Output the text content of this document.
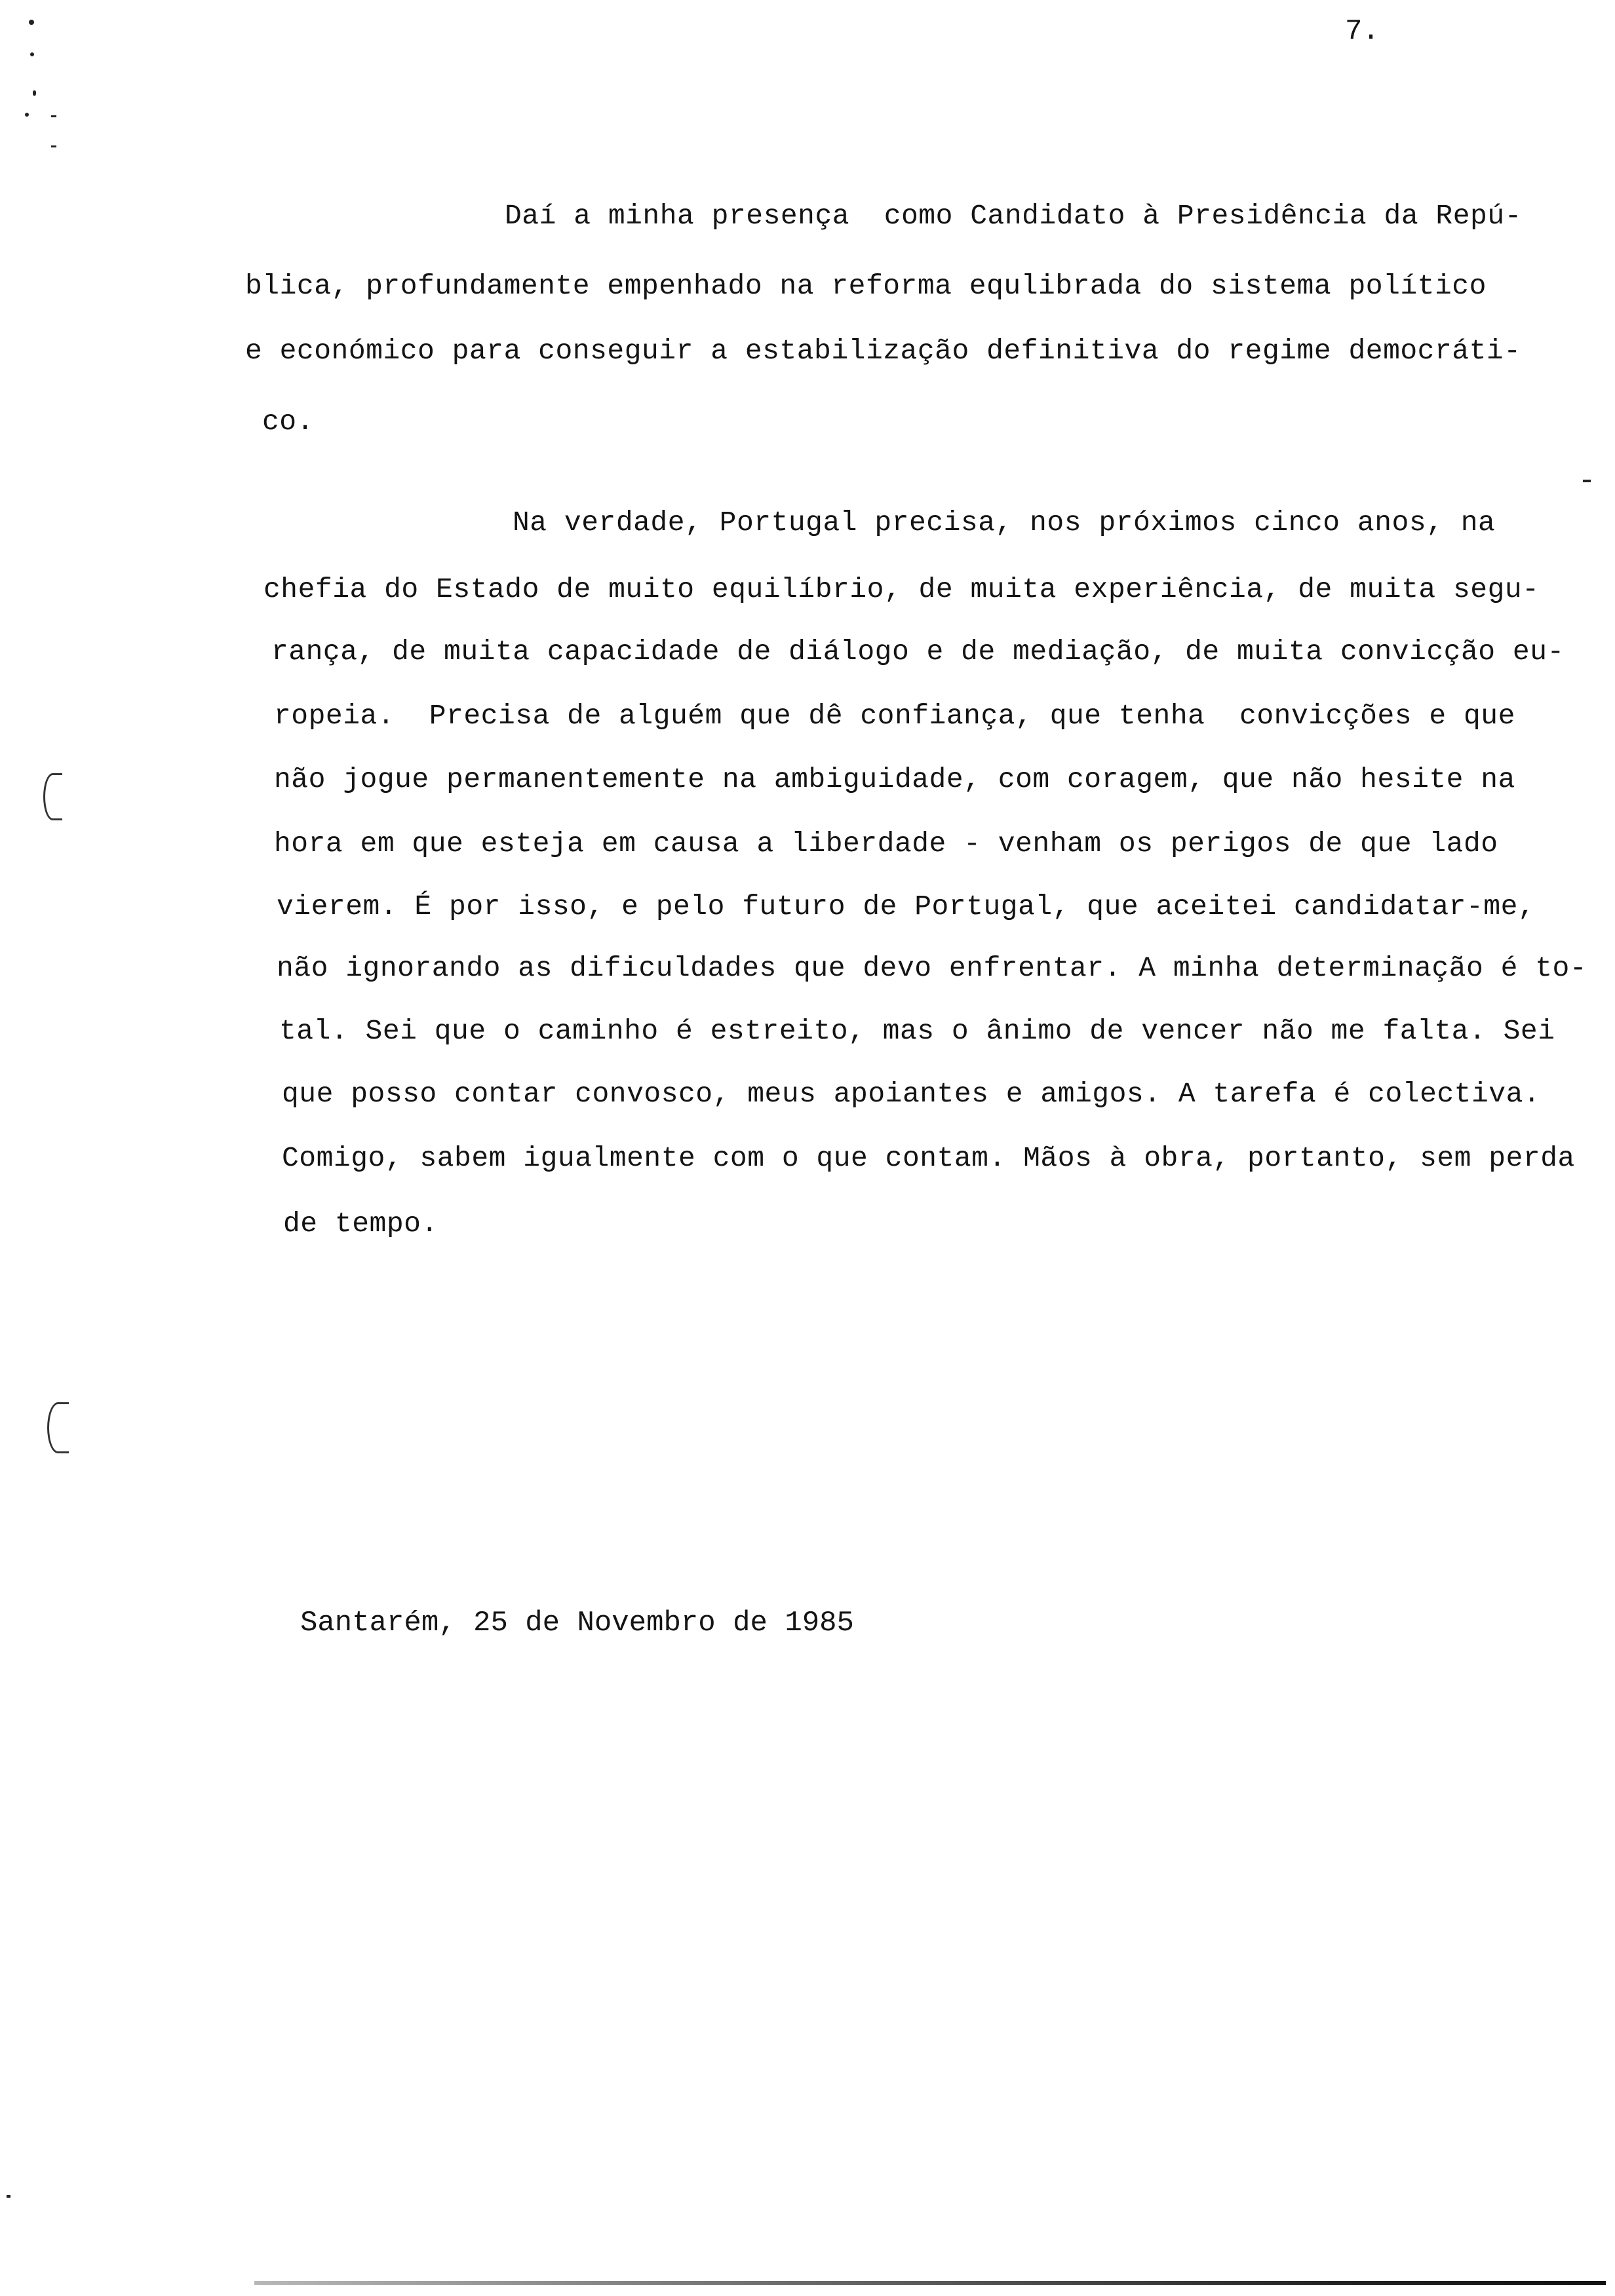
7.
Daí a minha presença  como Candidato à Presidência da Repú-
blica, profundamente empenhado na reforma equlibrada do sistema político
e económico para conseguir a estabilização definitiva do regime democráti-
co.
Na verdade, Portugal precisa, nos próximos cinco anos, na
chefia do Estado de muito equilíbrio, de muita experiência, de muita segu-
rança, de muita capacidade de diálogo e de mediação, de muita convicção eu-
ropeia.  Precisa de alguém que dê confiança, que tenha  convicções e que
não jogue permanentemente na ambiguidade, com coragem, que não hesite na
hora em que esteja em causa a liberdade - venham os perigos de que lado
vierem. É por isso, e pelo futuro de Portugal, que aceitei candidatar-me,
não ignorando as dificuldades que devo enfrentar. A minha determinação é to-
tal. Sei que o caminho é estreito, mas o ânimo de vencer não me falta. Sei
que posso contar convosco, meus apoiantes e amigos. A tarefa é colectiva.
Comigo, sabem igualmente com o que contam. Mãos à obra, portanto, sem perda
de tempo.
Santarém, 25 de Novembro de 1985
